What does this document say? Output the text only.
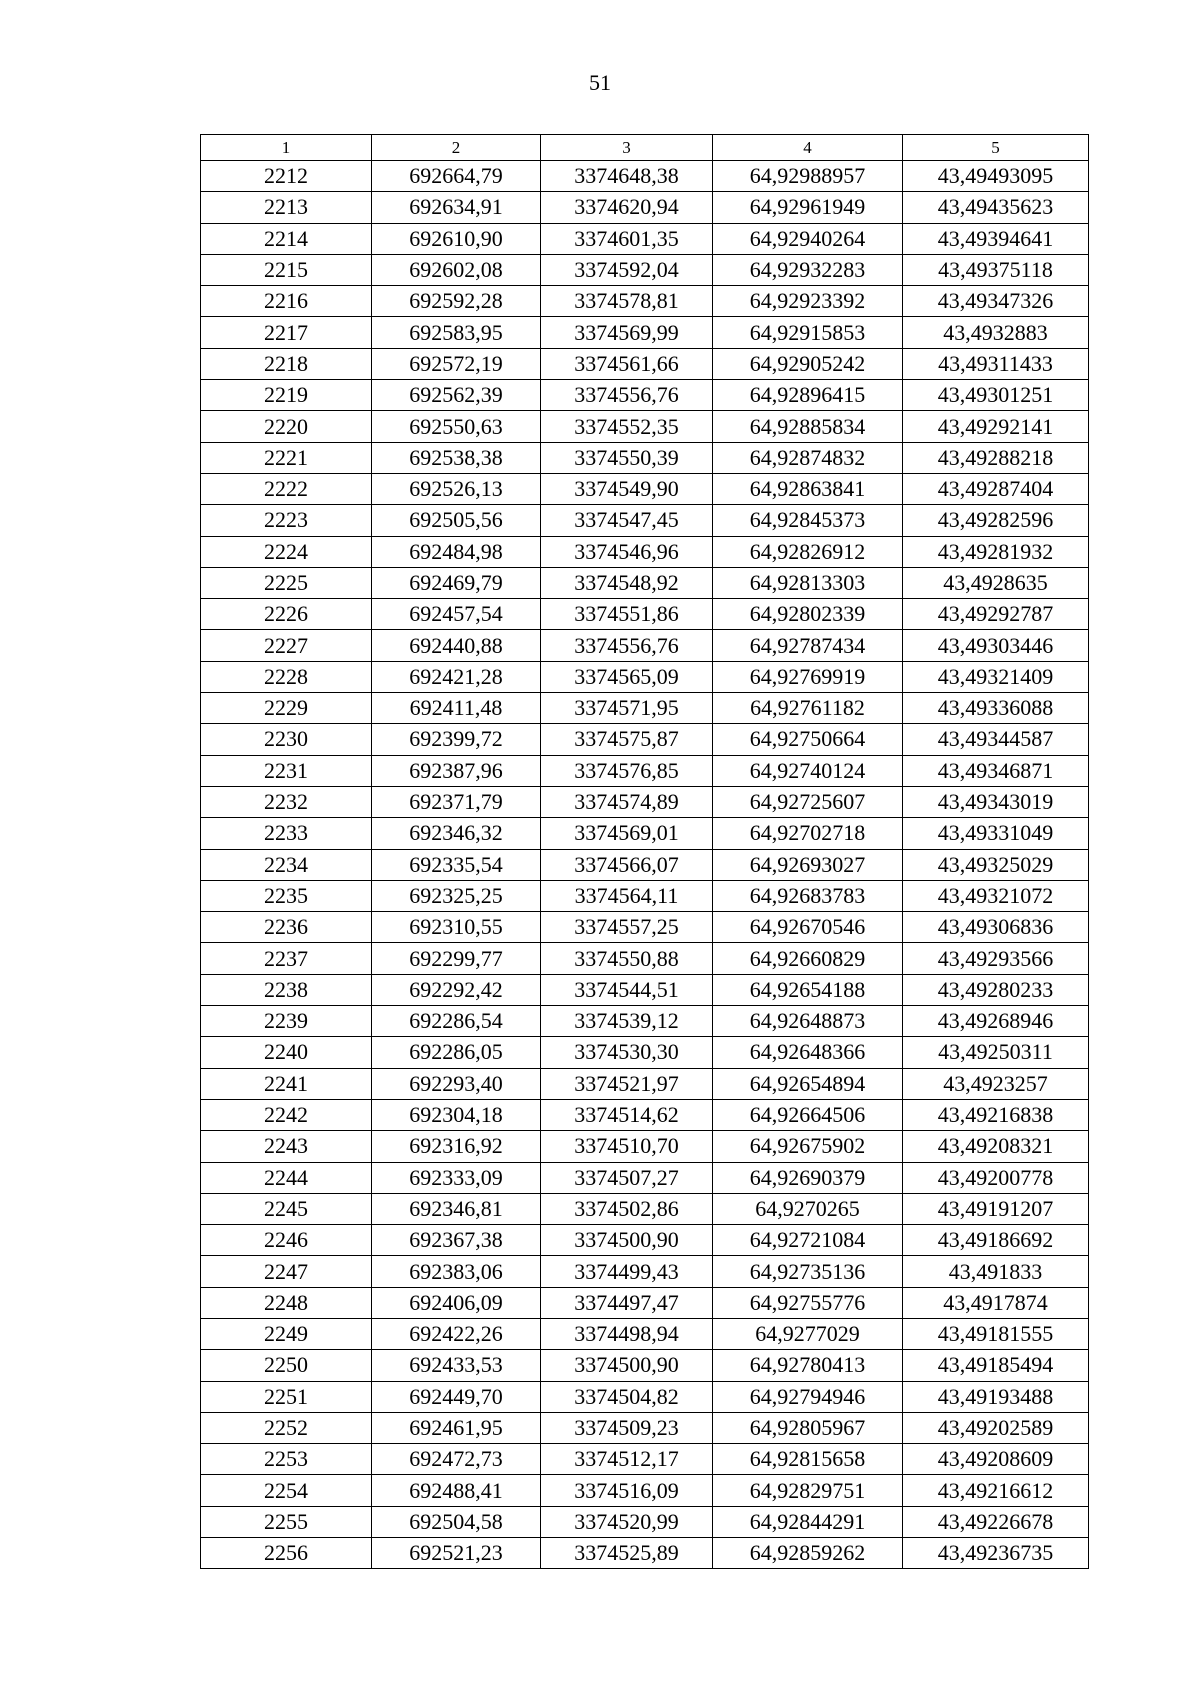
51
1	2	3	4	5
2212	692664,79	3374648,38	64,92988957	43,49493095
2213	692634,91	3374620,94	64,92961949	43,49435623
2214	692610,90	3374601,35	64,92940264	43,49394641
2215	692602,08	3374592,04	64,92932283	43,49375118
2216	692592,28	3374578,81	64,92923392	43,49347326
2217	692583,95	3374569,99	64,92915853	43,4932883
2218	692572,19	3374561,66	64,92905242	43,49311433
2219	692562,39	3374556,76	64,92896415	43,49301251
2220	692550,63	3374552,35	64,92885834	43,49292141
2221	692538,38	3374550,39	64,92874832	43,49288218
2222	692526,13	3374549,90	64,92863841	43,49287404
2223	692505,56	3374547,45	64,92845373	43,49282596
2224	692484,98	3374546,96	64,92826912	43,49281932
2225	692469,79	3374548,92	64,92813303	43,4928635
2226	692457,54	3374551,86	64,92802339	43,49292787
2227	692440,88	3374556,76	64,92787434	43,49303446
2228	692421,28	3374565,09	64,92769919	43,49321409
2229	692411,48	3374571,95	64,92761182	43,49336088
2230	692399,72	3374575,87	64,92750664	43,49344587
2231	692387,96	3374576,85	64,92740124	43,49346871
2232	692371,79	3374574,89	64,92725607	43,49343019
2233	692346,32	3374569,01	64,92702718	43,49331049
2234	692335,54	3374566,07	64,92693027	43,49325029
2235	692325,25	3374564,11	64,92683783	43,49321072
2236	692310,55	3374557,25	64,92670546	43,49306836
2237	692299,77	3374550,88	64,92660829	43,49293566
2238	692292,42	3374544,51	64,92654188	43,49280233
2239	692286,54	3374539,12	64,92648873	43,49268946
2240	692286,05	3374530,30	64,92648366	43,49250311
2241	692293,40	3374521,97	64,92654894	43,4923257
2242	692304,18	3374514,62	64,92664506	43,49216838
2243	692316,92	3374510,70	64,92675902	43,49208321
2244	692333,09	3374507,27	64,92690379	43,49200778
2245	692346,81	3374502,86	64,9270265	43,49191207
2246	692367,38	3374500,90	64,92721084	43,49186692
2247	692383,06	3374499,43	64,92735136	43,491833
2248	692406,09	3374497,47	64,92755776	43,4917874
2249	692422,26	3374498,94	64,9277029	43,49181555
2250	692433,53	3374500,90	64,92780413	43,49185494
2251	692449,70	3374504,82	64,92794946	43,49193488
2252	692461,95	3374509,23	64,92805967	43,49202589
2253	692472,73	3374512,17	64,92815658	43,49208609
2254	692488,41	3374516,09	64,92829751	43,49216612
2255	692504,58	3374520,99	64,92844291	43,49226678
2256	692521,23	3374525,89	64,92859262	43,49236735
